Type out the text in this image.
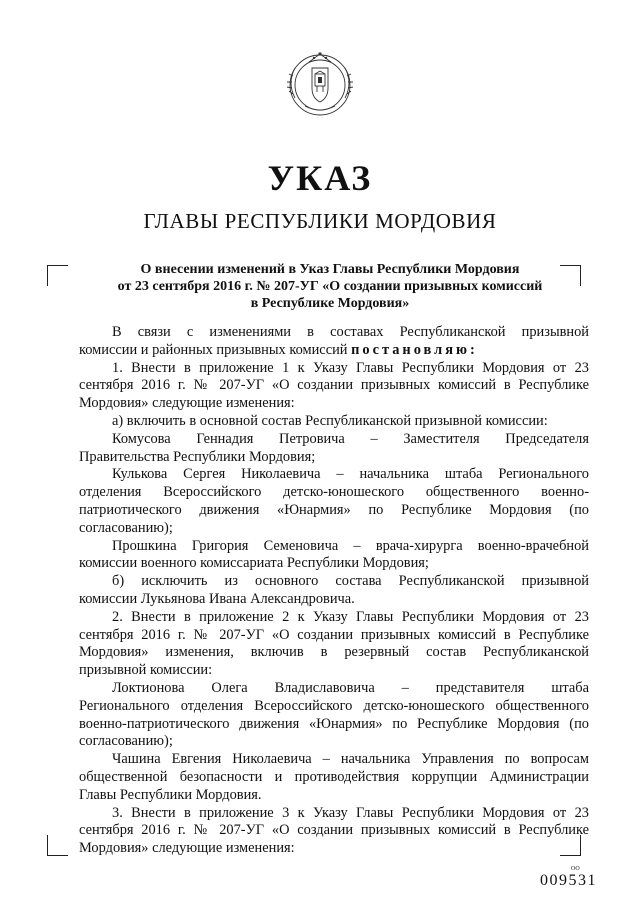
УКАЗ
ГЛАВЫ РЕСПУБЛИКИ МОРДОВИЯ
О внесении изменений в Указ Главы Республики Мордовия
от 23 сентября 2016 г. № 207-УГ «О создании призывных комиссий
в Республике Мордовия»
В связи с изменениями в составах Республиканской призывной
комиссии и районных призывных комиссий постановляю:
1. Внести в приложение 1 к Указу Главы Республики Мордовия от 23
сентября 2016 г. № 207-УГ «О создании призывных комиссий в Республике
Мордовия» следующие изменения:
а) включить в основной состав Республиканской призывной комиссии:
Комусова Геннадия Петровича – Заместителя Председателя
Правительства Республики Мордовия;
Кулькова Сергея Николаевича – начальника штаба Регионального
отделения Всероссийского детско-юношеского общественного военно-
патриотического движения «Юнармия» по Республике Мордовия (по
согласованию);
Прошкина Григория Семеновича – врача-хирурга военно-врачебной
комиссии военного комиссариата Республики Мордовия;
б) исключить из основного состава Республиканской призывной
комиссии Лукьянова Ивана Александровича.
2. Внести в приложение 2 к Указу Главы Республики Мордовия от 23
сентября 2016 г. № 207-УГ «О создании призывных комиссий в Республике
Мордовия» изменения, включив в резервный состав Республиканской
призывной комиссии:
Локтионова Олега Владиславовича – представителя штаба
Регионального отделения Всероссийского детско-юношеского общественного
военно-патриотического движения «Юнармия» по Республике Мордовия (по
согласованию);
Чашина Евгения Николаевича – начальника Управления по вопросам
общественной безопасности и противодействия коррупции Администрации
Главы Республики Мордовия.
3. Внести в приложение 3 к Указу Главы Республики Мордовия от 23
сентября 2016 г. № 207-УГ «О создании призывных комиссий в Республике
Мордовия» следующие изменения:
ОО
009531
